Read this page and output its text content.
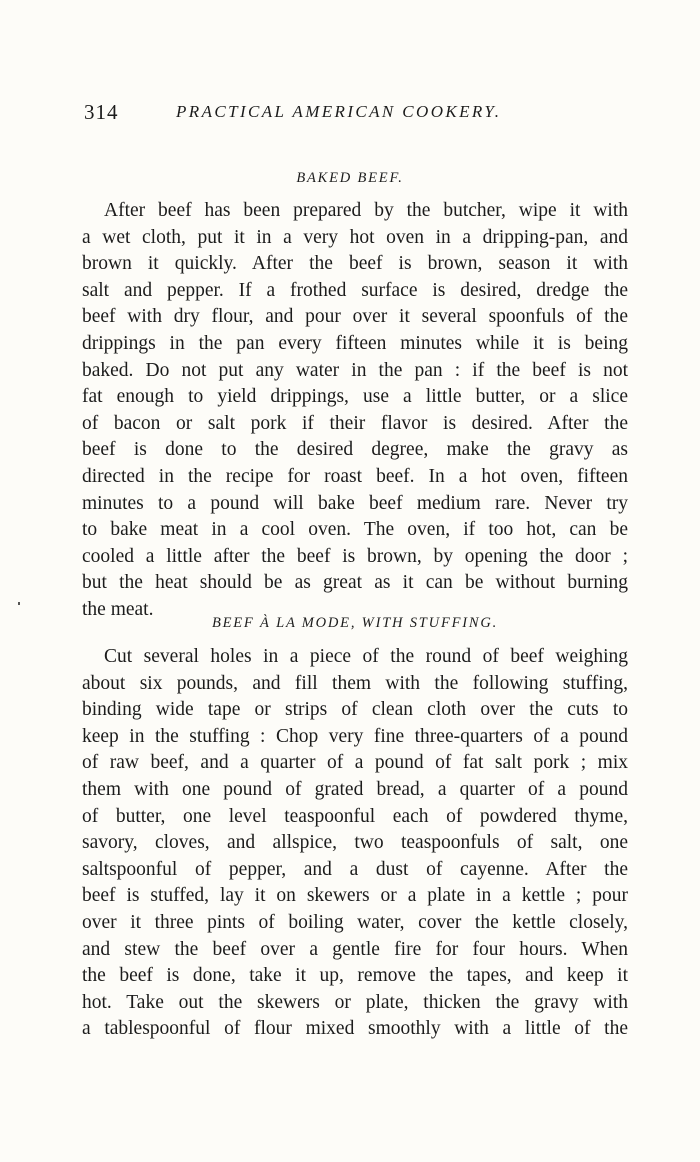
314	PRACTICAL AMERICAN COOKERY.
BAKED BEEF.
After beef has been prepared by the butcher, wipe it with
a wet cloth, put it in a very hot oven in a dripping-pan, and
brown it quickly. After the beef is brown, season it with
salt and pepper. If a frothed surface is desired, dredge the
beef with dry flour, and pour over it several spoonfuls of the
drippings in the pan every fifteen minutes while it is being
baked. Do not put any water in the pan : if the beef is not
fat enough to yield drippings, use a little butter, or a slice
of bacon or salt pork if their flavor is desired. After the
beef is done to the desired degree, make the gravy as
directed in the recipe for roast beef. In a hot oven, fifteen
minutes to a pound will bake beef medium rare. Never try
to bake meat in a cool oven. The oven, if too hot, can be
cooled a little after the beef is brown, by opening the door ;
but the heat should be as great as it can be without burning
the meat.
BEEF À LA MODE, WITH STUFFING.
Cut several holes in a piece of the round of beef weighing
about six pounds, and fill them with the following stuffing,
binding wide tape or strips of clean cloth over the cuts to
keep in the stuffing : Chop very fine three-quarters of a pound
of raw beef, and a quarter of a pound of fat salt pork ; mix
them with one pound of grated bread, a quarter of a pound
of butter, one level teaspoonful each of powdered thyme,
savory, cloves, and allspice, two teaspoonfuls of salt, one
saltspoonful of pepper, and a dust of cayenne. After the
beef is stuffed, lay it on skewers or a plate in a kettle ; pour
over it three pints of boiling water, cover the kettle closely,
and stew the beef over a gentle fire for four hours. When
the beef is done, take it up, remove the tapes, and keep it
hot. Take out the skewers or plate, thicken the gravy with
a tablespoonful of flour mixed smoothly with a little of the
